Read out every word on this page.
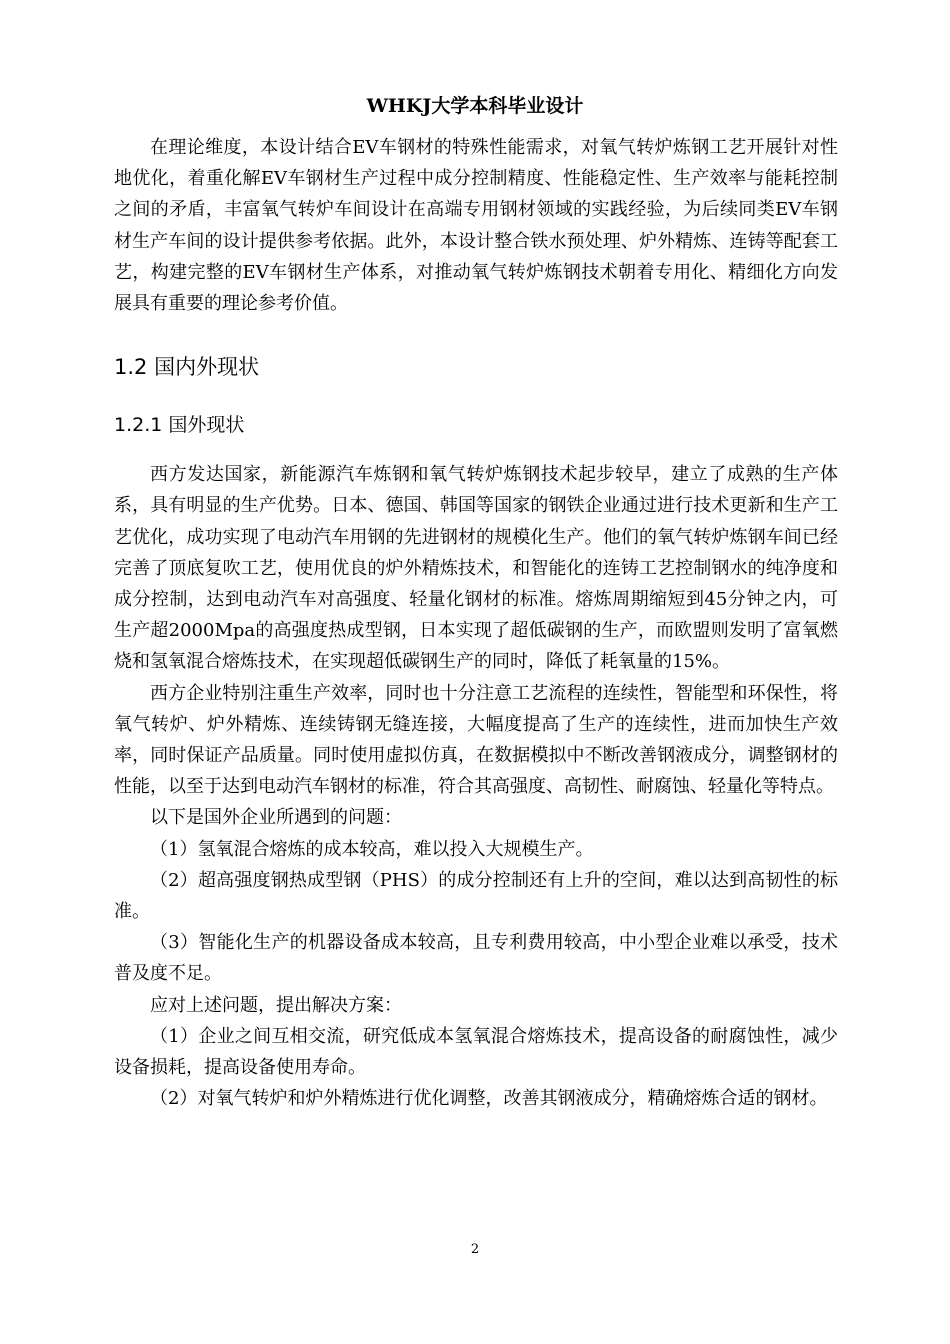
WHKJ大学本科毕业设计

在理论维度，本设计结合EV车钢材的特殊性能需求，对氧气转炉炼钢工艺开展针对性地优化，着重化解EV车钢材生产过程中成分控制精度、性能稳定性、生产效率与能耗控制之间的矛盾，丰富氧气转炉车间设计在高端专用钢材领域的实践经验，为后续同类EV车钢材生产车间的设计提供参考依据。此外，本设计整合铁水预处理、炉外精炼、连铸等配套工艺，构建完整的EV车钢材生产体系，对推动氧气转炉炼钢技术朝着专用化、精细化方向发展具有重要的理论参考价值。

1.2 国内外现状
1.2.1 国外现状

西方发达国家，新能源汽车炼钢和氧气转炉炼钢技术起步较早，建立了成熟的生产体系，具有明显的生产优势。日本、德国、韩国等国家的钢铁企业通过进行技术更新和生产工艺优化，成功实现了电动汽车用钢的先进钢材的规模化生产。他们的氧气转炉炼钢车间已经完善了顶底复吹工艺，使用优良的炉外精炼技术，和智能化的连铸工艺控制钢水的纯净度和成分控制，达到电动汽车对高强度、轻量化钢材的标准。熔炼周期缩短到45分钟之内，可生产超2000Mpa的高强度热成型钢，日本实现了超低碳钢的生产，而欧盟则发明了富氧燃烧和氢氧混合熔炼技术，在实现超低碳钢生产的同时，降低了耗氧量的15%。

西方企业特别注重生产效率，同时也十分注意工艺流程的连续性，智能型和环保性，将氧气转炉、炉外精炼、连续铸钢无缝连接，大幅度提高了生产的连续性，进而加快生产效率，同时保证产品质量。同时使用虚拟仿真，在数据模拟中不断改善钢液成分，调整钢材的性能，以至于达到电动汽车钢材的标准，符合其高强度、高韧性、耐腐蚀、轻量化等特点。

以下是国外企业所遇到的问题：

（1）氢氧混合熔炼的成本较高，难以投入大规模生产。

（2）超高强度钢热成型钢（PHS）的成分控制还有上升的空间，难以达到高韧性的标准。

（3）智能化生产的机器设备成本较高，且专利费用较高，中小型企业难以承受，技术普及度不足。

应对上述问题，提出解决方案：

（1）企业之间互相交流，研究低成本氢氧混合熔炼技术，提高设备的耐腐蚀性，减少设备损耗，提高设备使用寿命。

（2）对氧气转炉和炉外精炼进行优化调整，改善其钢液成分，精确熔炼合适的钢材。

2
